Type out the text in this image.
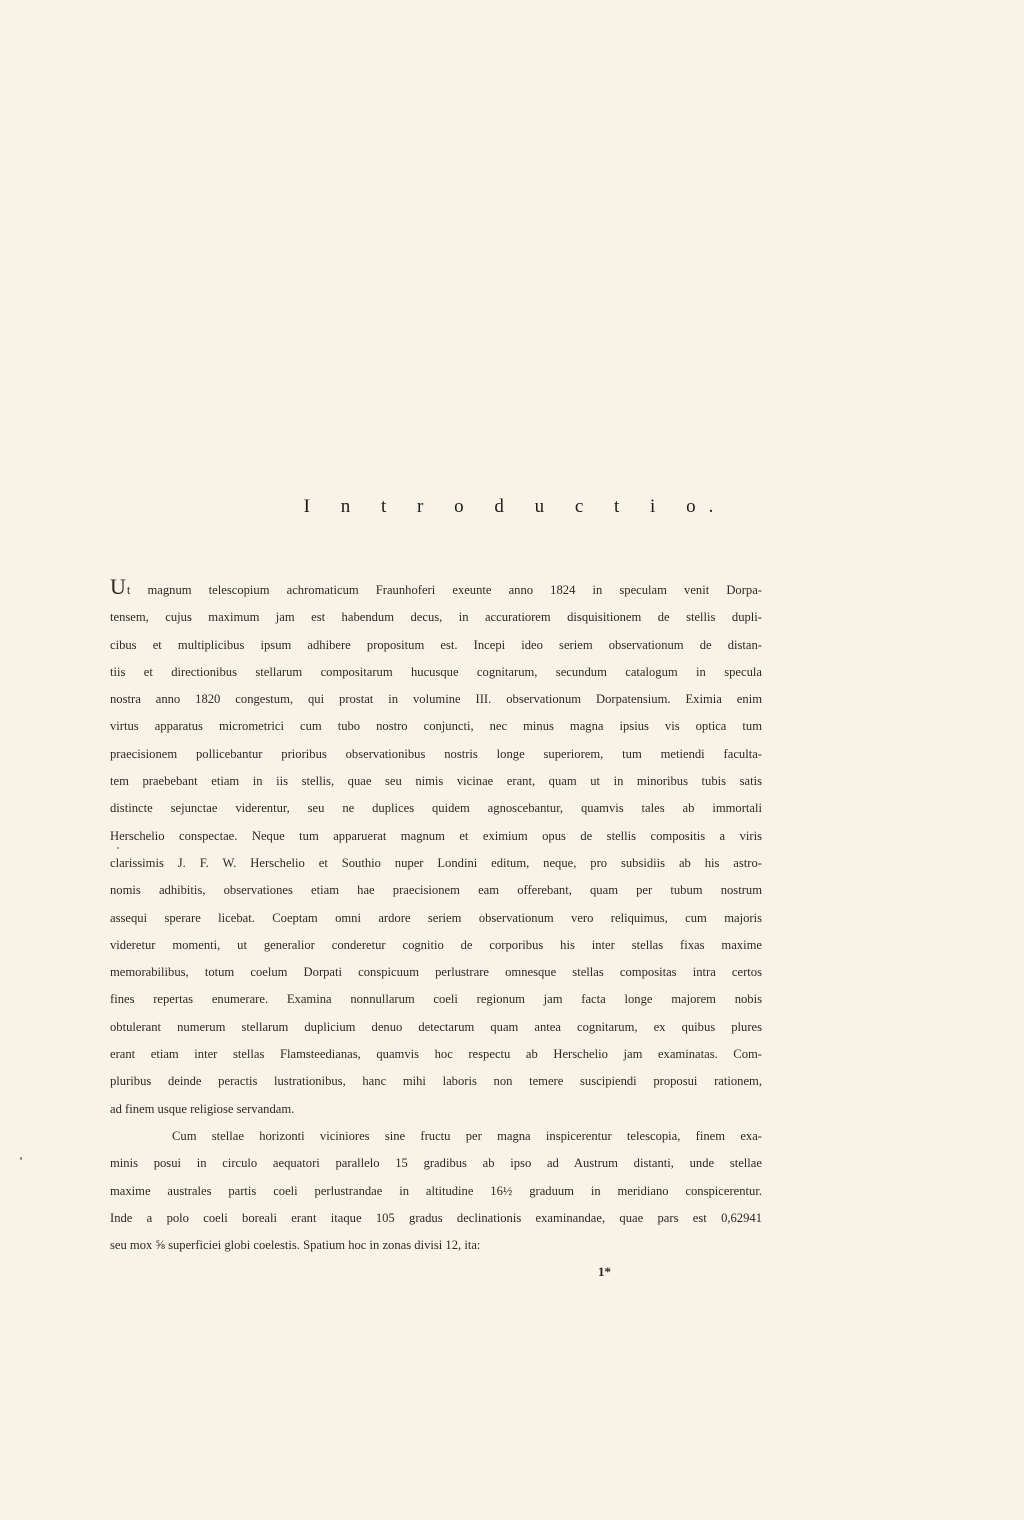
I n t r o d u c t i o.
Ut magnum telescopium achromaticum Fraunhoferi exeunte anno 1824 in speculam venit Dorpa-
tensem, cujus maximum jam est habendum decus, in accuratiorem disquisitionem de stellis dupli-
cibus et multiplicibus ipsum adhibere propositum est. Incepi ideo seriem observationum de distan-
tiis et directionibus stellarum compositarum hucusque cognitarum, secundum catalogum in specula
nostra anno 1820 congestum, qui prostat in volumine III. observationum Dorpatensium. Eximia enim
virtus apparatus micrometrici cum tubo nostro conjuncti, nec minus magna ipsius vis optica tum
praecisionem pollicebantur prioribus observationibus nostris longe superiorem, tum metiendi faculta-
tem praebebant etiam in iis stellis, quae seu nimis vicinae erant, quam ut in minoribus tubis satis
distincte sejunctae viderentur, seu ne duplices quidem agnoscebantur, quamvis tales ab immortali
Herschelio conspectae. Neque tum apparuerat magnum et eximium opus de stellis compositis a viris
clarissimis J. F. W. Herschelio et Southio nuper Londini editum, neque, pro subsidiis ab his astro-
nomis adhibitis, observationes etiam hae praecisionem eam offerebant, quam per tubum nostrum
assequi sperare licebat. Coeptam omni ardore seriem observationum vero reliquimus, cum majoris
videretur momenti, ut generalior conderetur cognitio de corporibus his inter stellas fixas maxime
memorabilibus, totum coelum Dorpati conspicuum perlustrare omnesque stellas compositas intra certos
fines repertas enumerare. Examina nonnullarum coeli regionum jam facta longe majorem nobis
obtulerant numerum stellarum duplicium denuo detectarum quam antea cognitarum, ex quibus plures
erant etiam inter stellas Flamsteedianas, quamvis hoc respectu ab Herschelio jam examinatas. Com-
pluribus deinde peractis lustrationibus, hanc mihi laboris non temere suscipiendi proposui rationem,
ad finem usque religiose servandam.
Cum stellae horizonti viciniores sine fructu per magna inspicerentur telescopia, finem exa-
minis posui in circulo aequatori parallelo 15 gradibus ab ipso ad Austrum distanti, unde stellae
maxime australes partis coeli perlustrandae in altitudine 16½ graduum in meridiano conspicerentur.
Inde a polo coeli boreali erant itaque 105 gradus declinationis examinandae, quae pars est 0,62941
seu mox ⅝ superficiei globi coelestis. Spatium hoc in zonas divisi 12, ita:
1*
